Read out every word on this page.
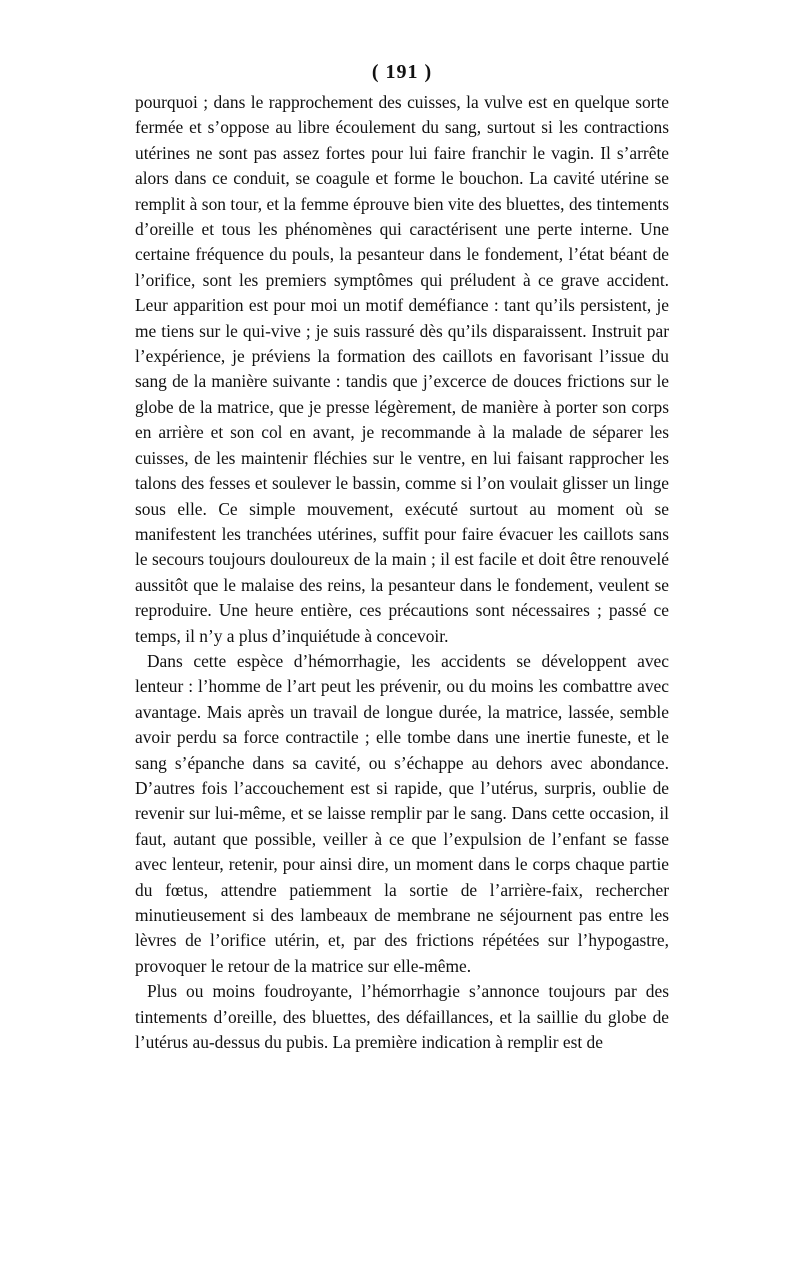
( 191 )

pourquoi ; dans le rapprochement des cuisses, la vulve est en quelque sorte fermée et s’oppose au libre écoulement du sang, surtout si les contractions utérines ne sont pas assez fortes pour lui faire franchir le vagin. Il s’arrête alors dans ce conduit, se coagule et forme le bouchon. La cavité utérine se remplit à son tour, et la femme éprouve bien vite des bluettes, des tintements d’oreille et tous les phénomènes qui caractérisent une perte interne. Une certaine fréquence du pouls, la pesanteur dans le fondement, l’état béant de l’orifice, sont les premiers symptômes qui préludent à ce grave accident. Leur apparition est pour moi un motif deméfiance : tant qu’ils persistent, je me tiens sur le qui-vive ; je suis rassuré dès qu’ils disparaissent. Instruit par l’expérience, je préviens la formation des caillots en favorisant l’issue du sang de la manière suivante : tandis que j’excerce de douces frictions sur le globe de la matrice, que je presse légèrement, de manière à porter son corps en arrière et son col en avant, je recommande à la malade de séparer les cuisses, de les maintenir fléchies sur le ventre, en lui faisant rapprocher les talons des fesses et soulever le bassin, comme si l’on voulait glisser un linge sous elle. Ce simple mouvement, exécuté surtout au moment où se manifestent les tranchées utérines, suffit pour faire évacuer les caillots sans le secours toujours douloureux de la main ; il est facile et doit être renouvelé aussitôt que le malaise des reins, la pesanteur dans le fondement, veulent se reproduire. Une heure entière, ces précautions sont nécessaires ; passé ce temps, il n’y a plus d’inquiétude à concevoir.

Dans cette espèce d’hémorrhagie, les accidents se développent avec lenteur : l’homme de l’art peut les prévenir, ou du moins les combattre avec avantage. Mais après un travail de longue durée, la matrice, lassée, semble avoir perdu sa force contractile ; elle tombe dans une inertie funeste, et le sang s’épanche dans sa cavité, ou s’échappe au dehors avec abondance. D’autres fois l’accouchement est si rapide, que l’utérus, surpris, oublie de revenir sur lui-même, et se laisse remplir par le sang. Dans cette occasion, il faut, autant que possible, veiller à ce que l’expulsion de l’enfant se fasse avec lenteur, retenir, pour ainsi dire, un moment dans le corps chaque partie du fœtus, attendre patiemment la sortie de l’arrière-faix, rechercher minutieusement si des lambeaux de membrane ne séjournent pas entre les lèvres de l’orifice utérin, et, par des frictions répétées sur l’hypogastre, provoquer le retour de la matrice sur elle-même.

Plus ou moins foudroyante, l’hémorrhagie s’annonce toujours par des tintements d’oreille, des bluettes, des défaillances, et la saillie du globe de l’utérus au-dessus du pubis. La première indication à remplir est de
